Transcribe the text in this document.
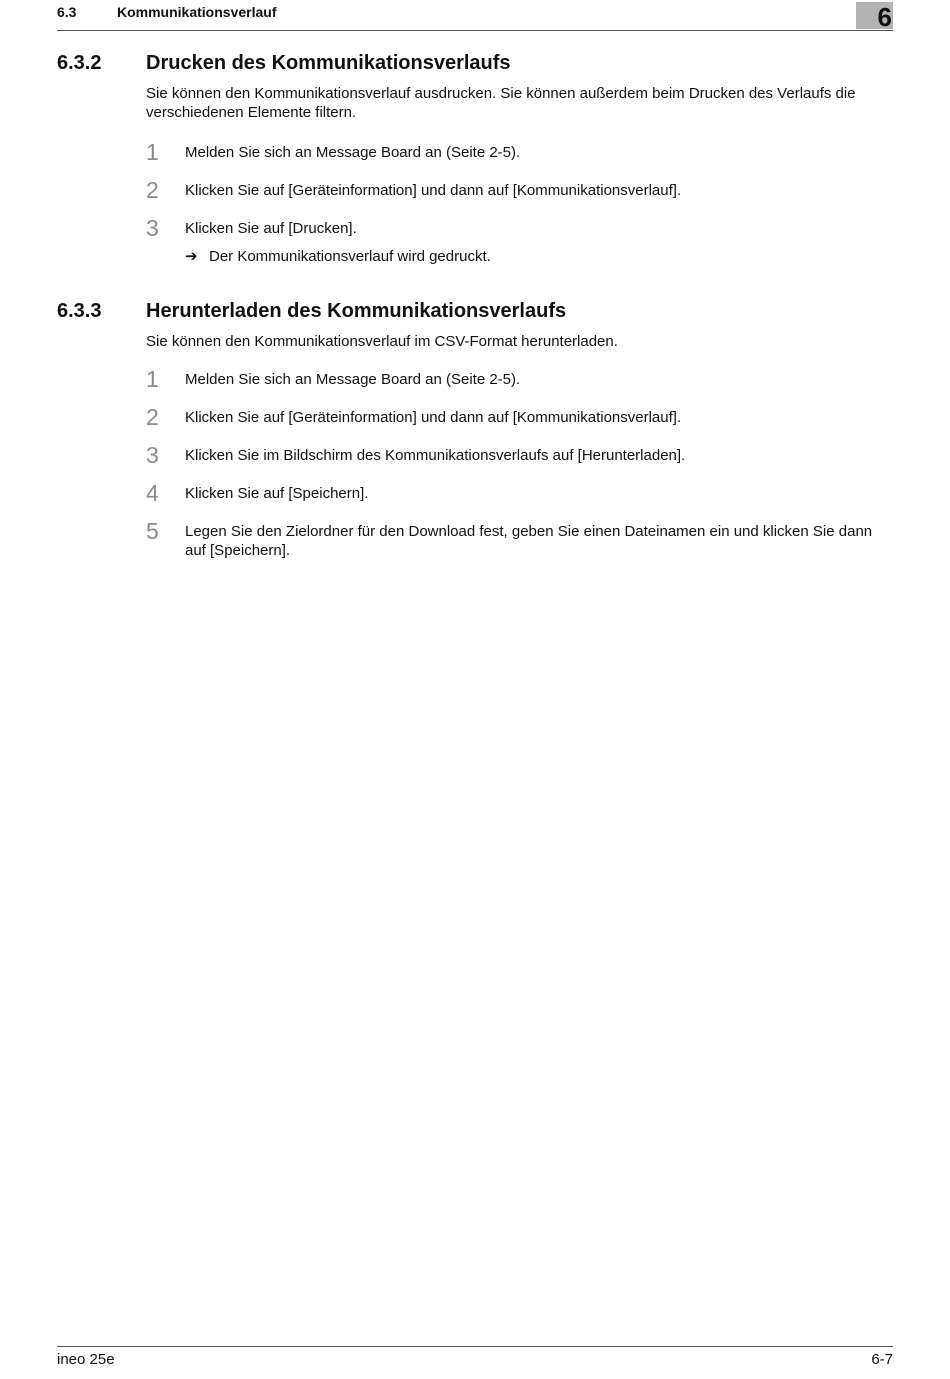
6.3	Kommunikationsverlauf	6
6.3.2 Drucken des Kommunikationsverlaufs
Sie können den Kommunikationsverlauf ausdrucken. Sie können außerdem beim Drucken des Verlaufs die verschiedenen Elemente filtern.
1 Melden Sie sich an Message Board an (Seite 2-5).
2 Klicken Sie auf [Geräteinformation] und dann auf [Kommunikationsverlauf].
3 Klicken Sie auf [Drucken].
➔ Der Kommunikationsverlauf wird gedruckt.
6.3.3 Herunterladen des Kommunikationsverlaufs
Sie können den Kommunikationsverlauf im CSV-Format herunterladen.
1 Melden Sie sich an Message Board an (Seite 2-5).
2 Klicken Sie auf [Geräteinformation] und dann auf [Kommunikationsverlauf].
3 Klicken Sie im Bildschirm des Kommunikationsverlaufs auf [Herunterladen].
4 Klicken Sie auf [Speichern].
5 Legen Sie den Zielordner für den Download fest, geben Sie einen Dateinamen ein und klicken Sie dann auf [Speichern].
ineo 25e	6-7
